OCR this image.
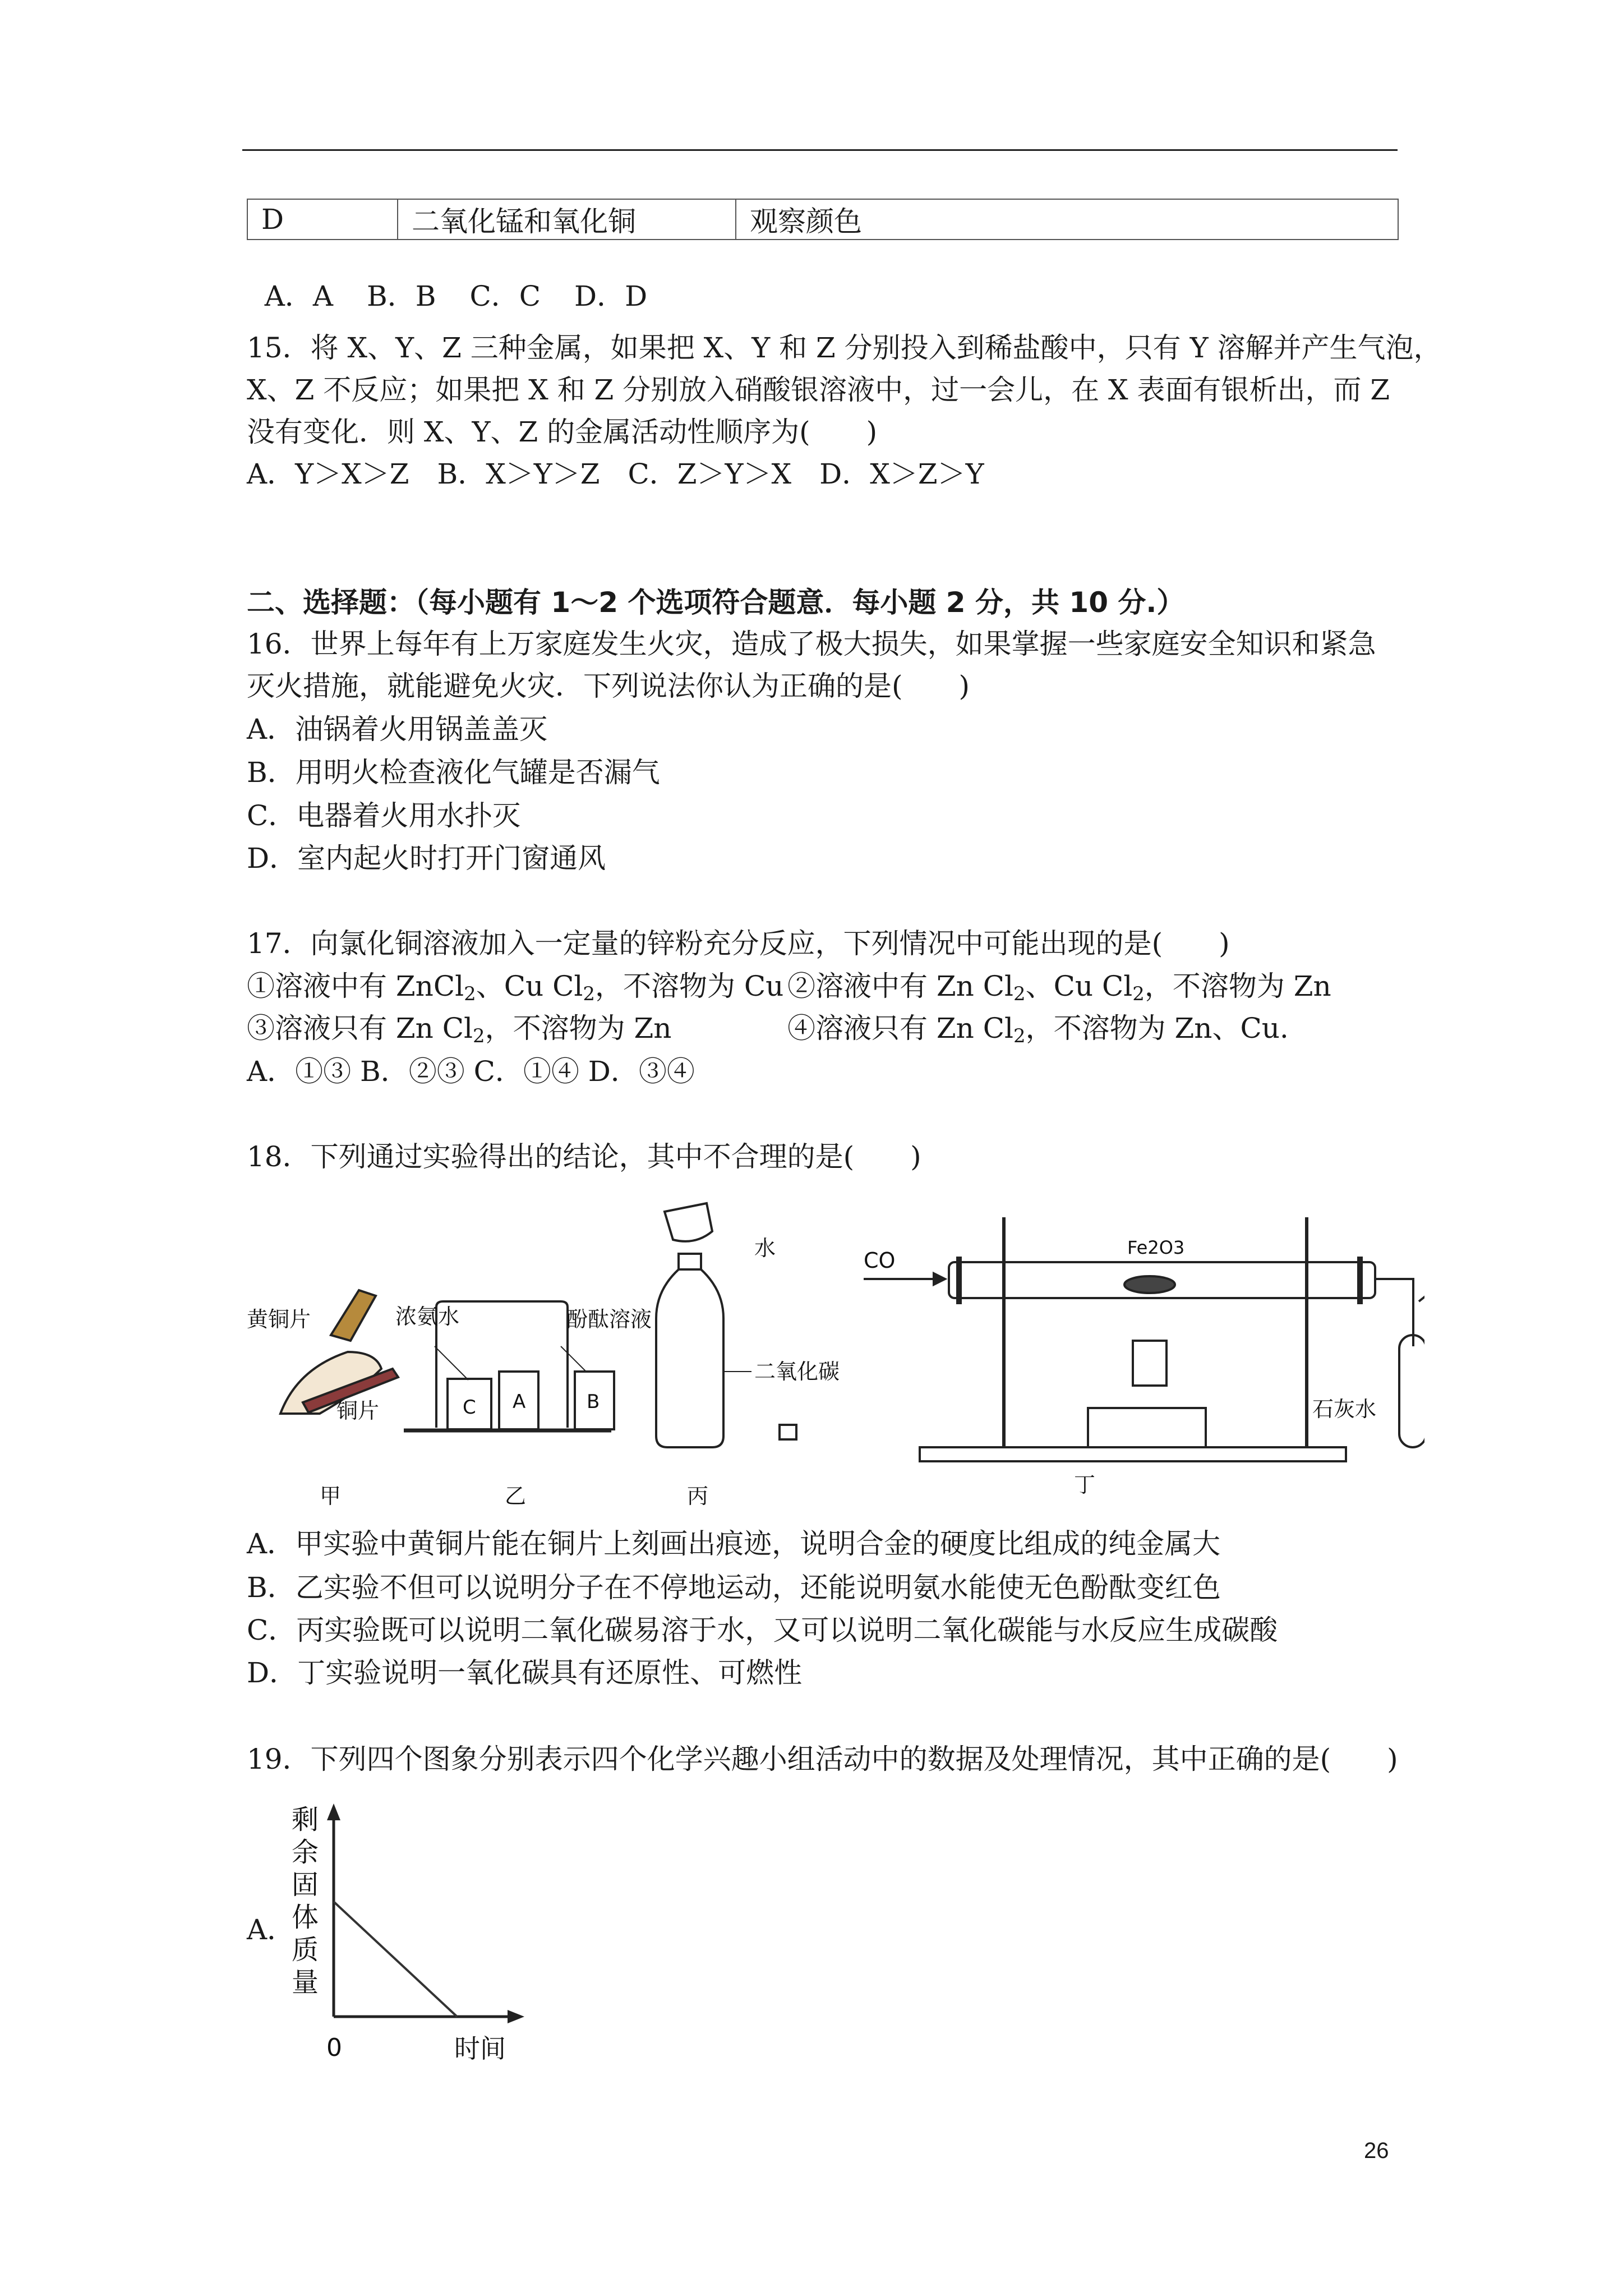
D	二氧化锰和氧化铜	观察颜色

A．A B．B C．C D．D

15．将 X、Y、Z 三种金属，如果把 X、Y 和 Z 分别投入到稀盐酸中，只有 Y 溶解并产生气泡，
X、Z 不反应；如果把 X 和 Z 分别放入硝酸银溶液中，过一会儿，在 X 表面有银析出，而 Z
没有变化．则 X、Y、Z 的金属活动性顺序为(　　)
A．Y＞X＞Z　B．X＞Y＞Z　C．Z＞Y＞X　D．X＞Z＞Y
二、选择题：（每小题有 1～2 个选项符合题意．每小题 2 分，共 10 分.）
16．世界上每年有上万家庭发生火灾，造成了极大损失，如果掌握一些家庭安全知识和紧急
灭火措施，就能避免火灾．下列说法你认为正确的是(　　)
A．油锅着火用锅盖盖灭
B．用明火检查液化气罐是否漏气
C．电器着火用水扑灭
D．室内起火时打开门窗通风
17．向氯化铜溶液加入一定量的锌粉充分反应，下列情况中可能出现的是(　　)
①溶液中有 ZnCl$_2$、Cu $Cl_2$，不溶物为 Cu ②溶液中有 Zn $Cl_2$、Cu $Cl_2$，不溶物为 Zn
③溶液只有 Zn $Cl_2$，不溶物为 Zn	④溶液只有 Zn $Cl_2$，不溶物为 Zn、Cu.
A．①③ B．②③ C．①④ D．③④
18．下列通过实验得出的结论，其中不合理的是(　　)
黄铜片
铜片
浓氨水	酚酞溶液
C A	B
水
二氧化碳
CO
Fe2O3
石灰水
甲	乙	丙	丁
A．甲实验中黄铜片能在铜片上刻画出痕迹，说明合金的硬度比组成的纯金属大
B．乙实验不但可以说明分子在不停地运动，还能说明氨水能使无色酚酞变红色
C．丙实验既可以说明二氧化碳易溶于水，又可以说明二氧化碳能与水反应生成碳酸
D．丁实验说明一氧化碳具有还原性、可燃性
19．下列四个图象分别表示四个化学兴趣小组活动中的数据及处理情况，其中正确的是(　　)
A．
剩
余
固
体
质
量
0	时间
26
